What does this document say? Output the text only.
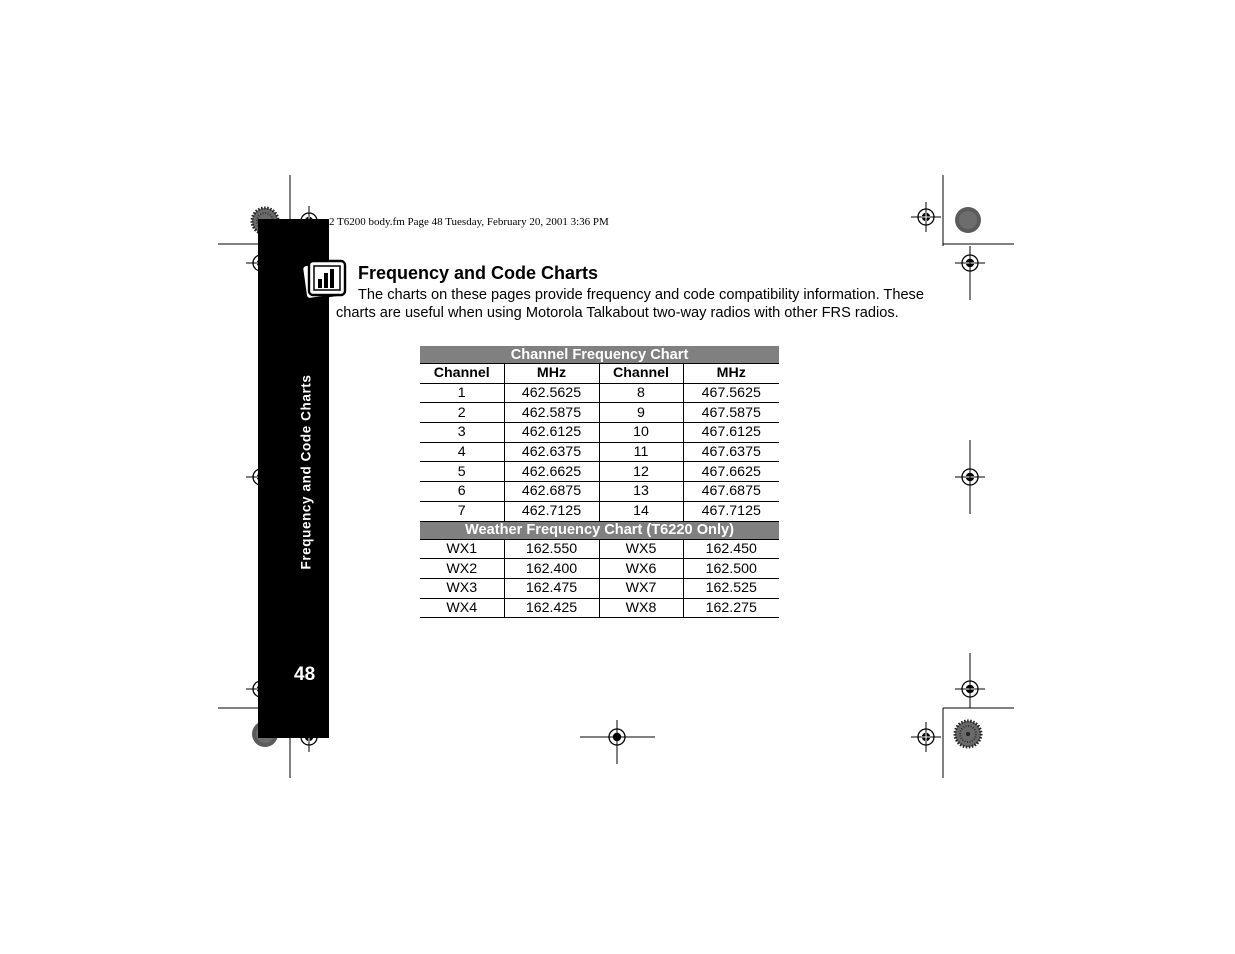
2 T6200 body.fm Page 48 Tuesday, February 20, 2001 3:36 PM
Frequency and Code Charts
48
Frequency and Code Charts
The charts on these pages provide frequency and code compatibility information. These charts are useful when using Motorola Talkabout two-way radios with other FRS radios.
Channel Frequency Chart			
Channel	MHz	Channel	MHz
1	462.5625	8	467.5625
2	462.5875	9	467.5875
3	462.6125	10	467.6125
4	462.6375	11	467.6375
5	462.6625	12	467.6625
6	462.6875	13	467.6875
7	462.7125	14	467.7125
Weather Frequency Chart (T6220 Only)			
WX1	162.550	WX5	162.450
WX2	162.400	WX6	162.500
WX3	162.475	WX7	162.525
WX4	162.425	WX8	162.275
